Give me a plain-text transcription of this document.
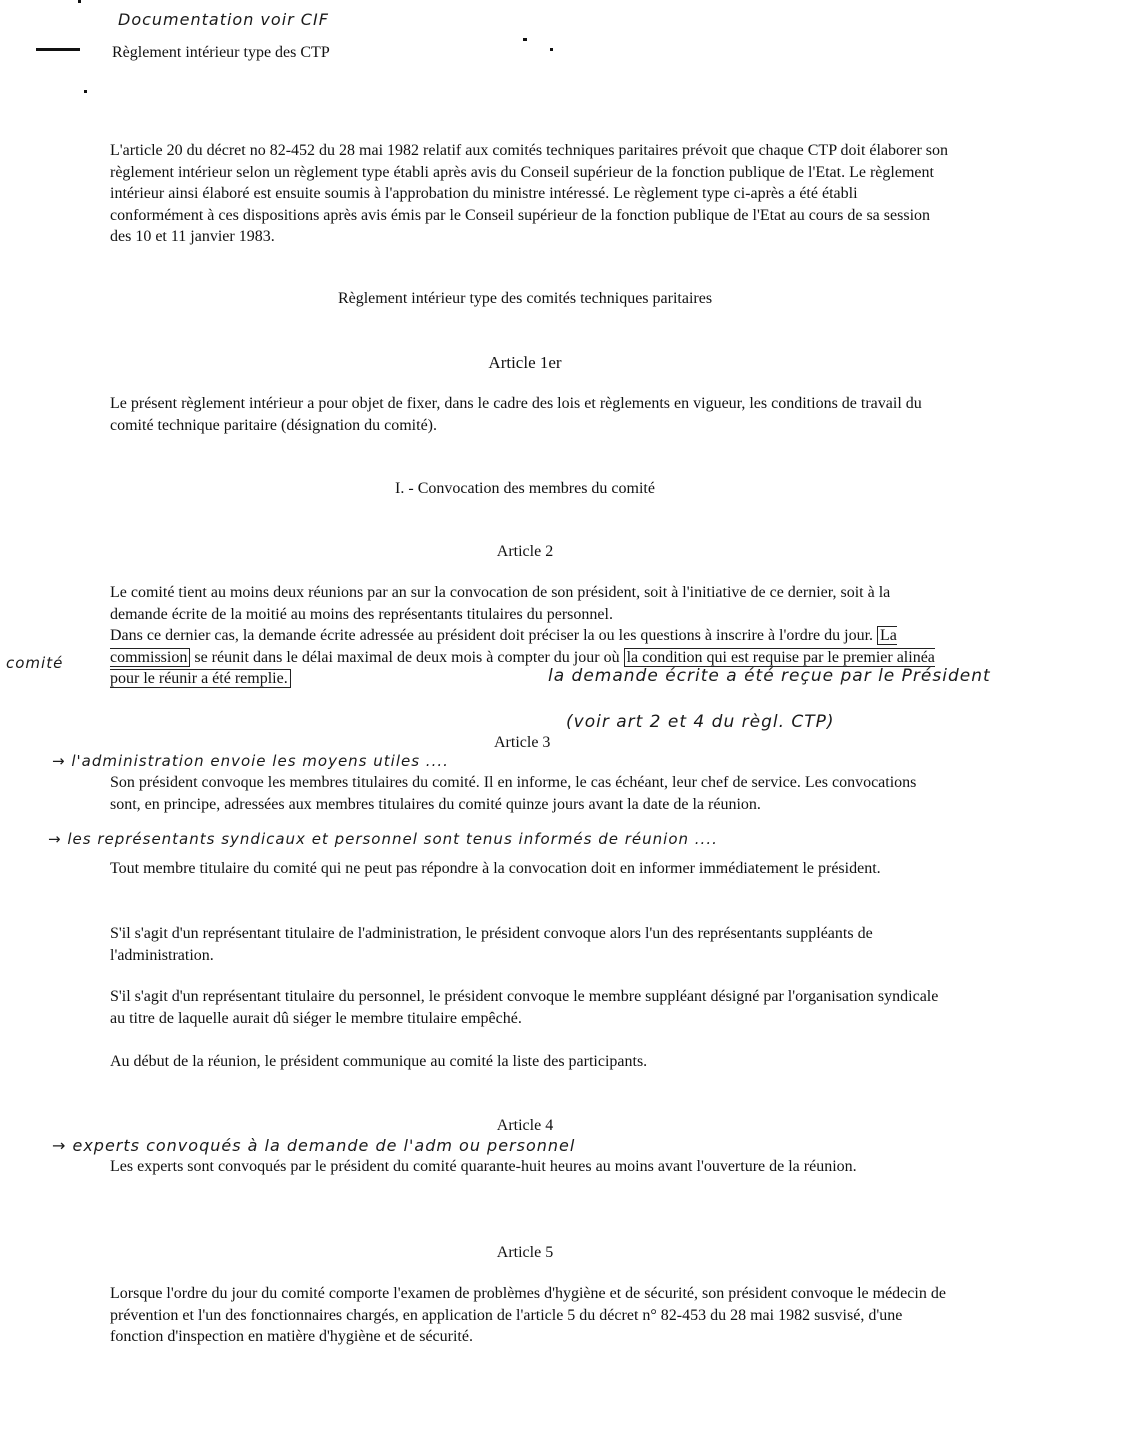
Documentation voir CIF
Règlement intérieur type des CTP
L'article 20 du décret no 82-452 du 28 mai 1982 relatif aux comités techniques paritaires prévoit que chaque CTP doit élaborer son règlement intérieur selon un règlement type établi après avis du Conseil supérieur de la fonction publique de l'Etat. Le règlement intérieur ainsi élaboré est ensuite soumis à l'approbation du ministre intéressé. Le règlement type ci-après a été établi conformément à ces dispositions après avis émis par le Conseil supérieur de la fonction publique de l'Etat au cours de sa session des 10 et 11 janvier 1983.
Règlement intérieur type des comités techniques paritaires
Article 1er
Le présent règlement intérieur a pour objet de fixer, dans le cadre des lois et règlements en vigueur, les conditions de travail du comité technique paritaire (désignation du comité).
I. - Convocation des membres du comité
Article 2
Le comité tient au moins deux réunions par an sur la convocation de son président, soit à l'initiative de ce dernier, soit à la demande écrite de la moitié au moins des représentants titulaires du personnel.
Dans ce dernier cas, la demande écrite adressée au président doit préciser la ou les questions à inscrire à l'ordre du jour. La commission se réunit dans le délai maximal de deux mois à compter du jour où la condition qui est requise par le premier alinéa pour le réunir a été remplie.
comité
la demande écrite a été reçue par le Président
Article 3
(voir art 2 et 4 du règl. CTP)
→ l'administration envoie les moyens utiles ....
Son président convoque les membres titulaires du comité. Il en informe, le cas échéant, leur chef de service. Les convocations sont, en principe, adressées aux membres titulaires du comité quinze jours avant la date de la réunion.
→ les représentants syndicaux et personnel sont tenus informés de réunion ....
Tout membre titulaire du comité qui ne peut pas répondre à la convocation doit en informer immédiatement le président.
S'il s'agit d'un représentant titulaire de l'administration, le président convoque alors l'un des représentants suppléants de l'administration.
S'il s'agit d'un représentant titulaire du personnel, le président convoque le membre suppléant désigné par l'organisation syndicale au titre de laquelle aurait dû siéger le membre titulaire empêché.
Au début de la réunion, le président communique au comité la liste des participants.
Article 4
→ experts convoqués à la demande de l'adm ou personnel
Les experts sont convoqués par le président du comité quarante-huit heures au moins avant l'ouverture de la réunion.
Article 5
Lorsque l'ordre du jour du comité comporte l'examen de problèmes d'hygiène et de sécurité, son président convoque le médecin de prévention et l'un des fonctionnaires chargés, en application de l'article 5 du décret n° 82-453 du 28 mai 1982 susvisé, d'une fonction d'inspection en matière d'hygiène et de sécurité.
